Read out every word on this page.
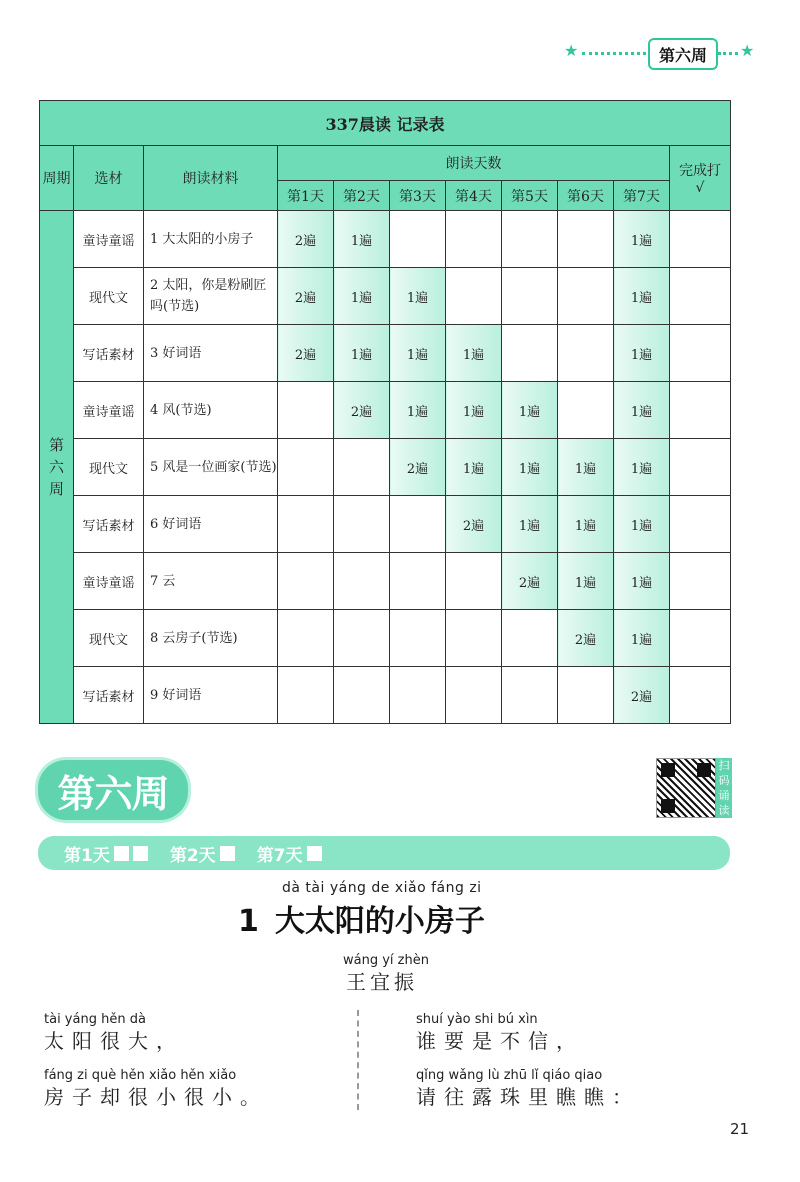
★	第六周	★
337晨读 记录表										
周期	选材	朗读材料	朗读天数							完成打√
			第1天	第2天	第3天	第4天	第5天	第6天	第7天	

第
六
周	童诗童谣	1 大太阳的小房子	2遍	1遍					1遍	
	现代文	2 太阳，你是粉刷匠吗(节选)	2遍	1遍	1遍				1遍	
	写话素材	3 好词语	2遍	1遍	1遍	1遍			1遍	
	童诗童谣	4 风(节选)		2遍	1遍	1遍	1遍		1遍	
	现代文	5 风是一位画家(节选)			2遍	1遍	1遍	1遍	1遍	
	写话素材	6 好词语				2遍	1遍	1遍	1遍	
	童诗童谣	7 云					2遍	1遍	1遍	
	现代文	8 云房子(节选)						2遍	1遍	
	写话素材	9 好词语							2遍	
第六周
扫码诵读
第1天	第2天 第7天
dà tài yáng de xiǎo fáng zi
1 大太阳的小房子
wáng yí zhèn
王宜振
tài yáng hěn dà
太阳很大，
fáng zi què hěn xiǎo hěn xiǎo
房子却很小很小。
shuí yào shi bú xìn
谁要是不信，
qǐng wǎng lù zhū lǐ qiáo qiao
请往露珠里瞧瞧：
21
